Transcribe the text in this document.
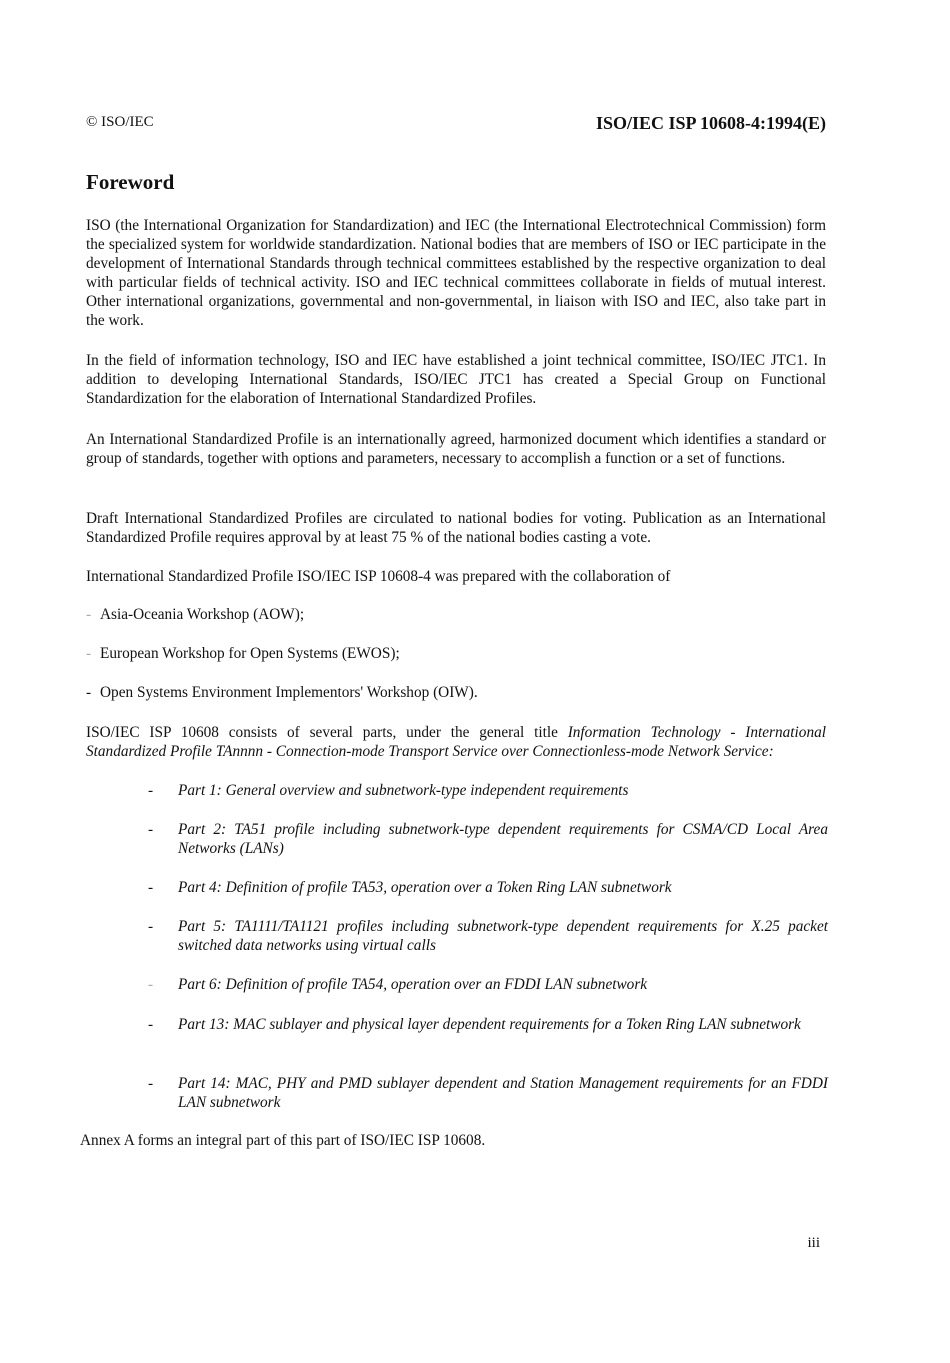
© ISO/IEC	ISO/IEC ISP 10608-4:1994(E)
Foreword

ISO (the International Organization for Standardization) and IEC (the International Electrotechnical Commission) form the specialized system for worldwide standardization. National bodies that are members of ISO or IEC participate in the development of International Standards through technical committees established by the respective organization to deal with particular fields of technical activity. ISO and IEC technical committees collaborate in fields of mutual interest. Other international organizations, governmental and non-governmental, in liaison with ISO and IEC, also take part in the work.

In the field of information technology, ISO and IEC have established a joint technical committee, ISO/IEC JTC1. In addition to developing International Standards, ISO/IEC JTC1 has created a Special Group on Functional Standardization for the elaboration of International Standardized Profiles.

An International Standardized Profile is an internationally agreed, harmonized document which identifies a standard or group of standards, together with options and parameters, necessary to accomplish a function or a set of functions.

Draft International Standardized Profiles are circulated to national bodies for voting. Publication as an International Standardized Profile requires approval by at least 75 % of the national bodies casting a vote.

International Standardized Profile ISO/IEC ISP 10608-4 was prepared with the collaboration of

- Asia-Oceania Workshop (AOW);
- European Workshop for Open Systems (EWOS);
- Open Systems Environment Implementors' Workshop (OIW).

ISO/IEC ISP 10608 consists of several parts, under the general title Information Technology - International Standardized Profile TAnnnn - Connection-mode Transport Service over Connectionless-mode Network Service:

- Part 1: General overview and subnetwork-type independent requirements
- Part 2: TA51 profile including subnetwork-type dependent requirements for CSMA/CD Local Area Networks (LANs)
- Part 4: Definition of profile TA53, operation over a Token Ring LAN subnetwork
- Part 5: TA1111/TA1121 profiles including subnetwork-type dependent requirements for X.25 packet switched data networks using virtual calls
- Part 6: Definition of profile TA54, operation over an FDDI LAN subnetwork
- Part 13: MAC sublayer and physical layer dependent requirements for a Token Ring LAN subnetwork
- Part 14: MAC, PHY and PMD sublayer dependent and Station Management requirements for an FDDI LAN subnetwork
Annex A forms an integral part of this part of ISO/IEC ISP 10608.
iii
